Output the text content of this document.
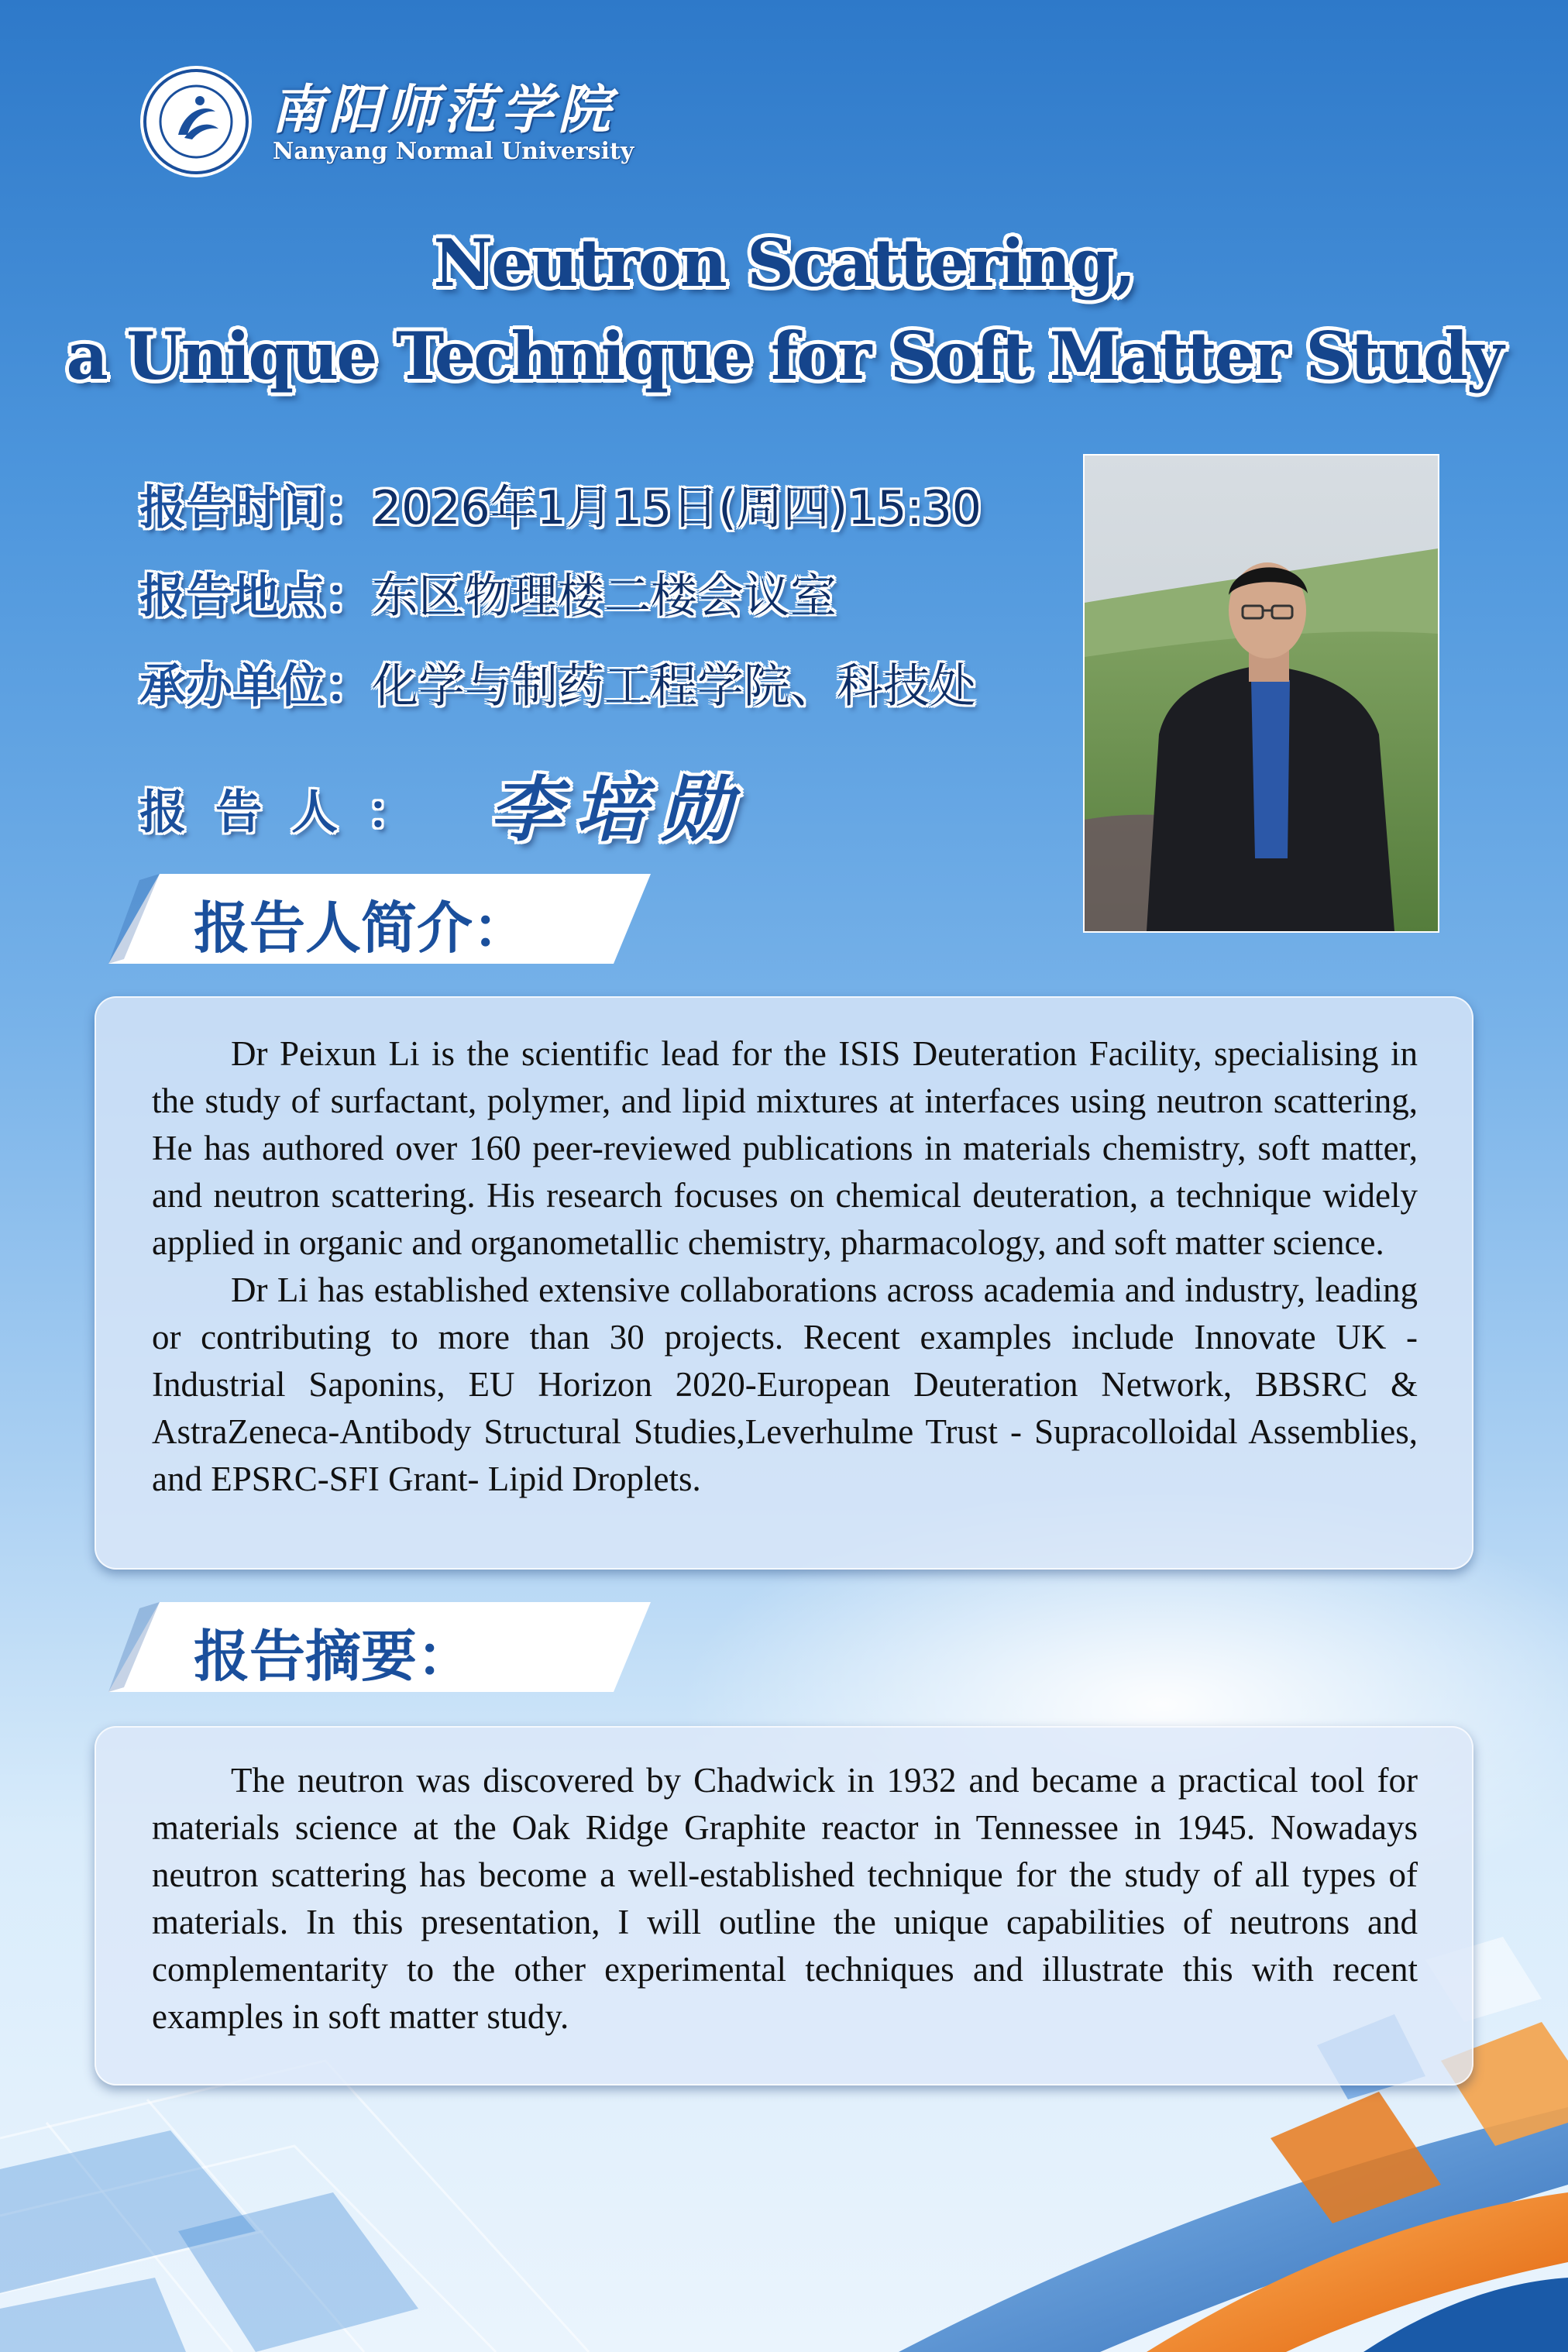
南阳师范学院
Nanyang Normal University
Neutron Scattering,
a Unique Technique for Soft Matter Study
报告时间：2026年1月15日(周四)15:30
报告地点：东区物理楼二楼会议室
承办单位：化学与制药工程学院、科技处
报告人： 李培勋
报告人简介：

Dr Peixun Li is the scientific lead for the ISIS Deuteration Facility, specialising in the study of surfactant, polymer, and lipid mixtures at interfaces using neutron scattering, He has authored over 160 peer-reviewed publications in materials chemistry, soft matter, and neutron scattering. His research focuses on chemical deuteration, a technique widely applied in organic and organometallic chemistry, pharmacology, and soft matter science.

Dr Li has established extensive collaborations across academia and industry, leading or contributing to more than 30 projects. Recent examples include Innovate UK - Industrial Saponins, EU Horizon 2020-European Deuteration Network, BBSRC & AstraZeneca-Antibody Structural Studies,Leverhulme Trust - Supracolloidal Assemblies, and EPSRC-SFI Grant- Lipid Droplets.

报告摘要：

The neutron was discovered by Chadwick in 1932 and became a practical tool for materials science at the Oak Ridge Graphite reactor in Tennessee in 1945. Nowadays neutron scattering has become a well-established technique for the study of all types of materials. In this presentation, I will outline the unique capabilities of neutrons and complementarity to the other experimental techniques and illustrate this with recent examples in soft matter study.
